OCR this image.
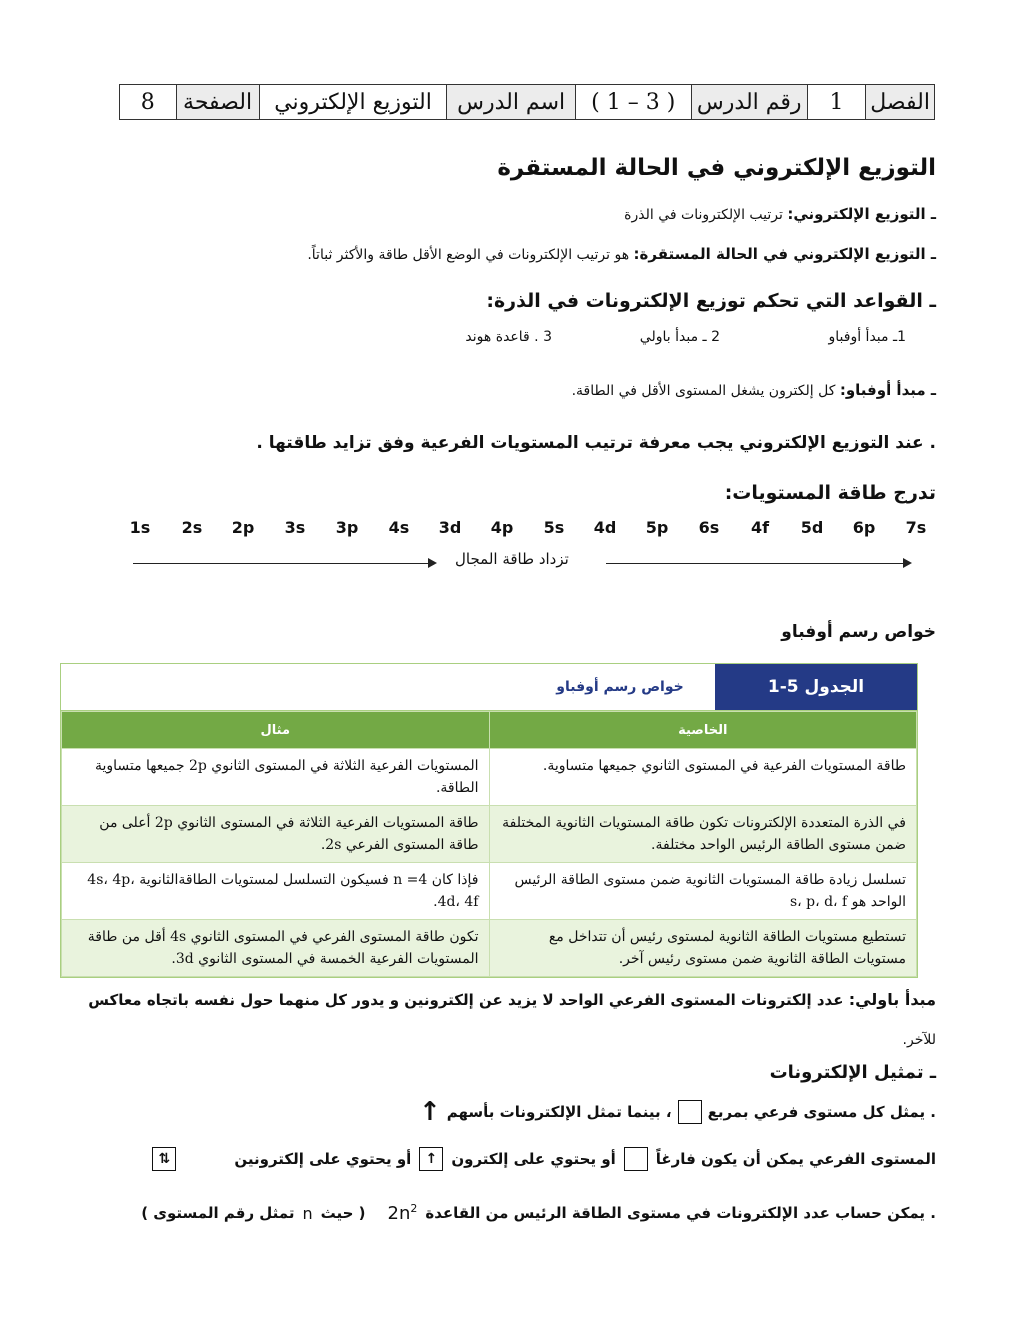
الفصل	1	رقم الدرس	( 3 – 1 )	اسم الدرس	التوزيع الإلكتروني	الصفحة	8
التوزيع الإلكتروني في الحالة المستقرة
ـ التوزيع الإلكتروني: ترتيب الإلكترونات في الذرة
ـ التوزيع الإلكتروني في الحالة المستقرة: هو ترتيب الإلكترونات في الوضع الأقل طاقة والأكثر ثباتاً.
ـ القواعد التي تحكم توزيع الإلكترونات في الذرة:
1ـ مبدأ أوفباو
2 ـ مبدأ باولي
3 . قاعدة هوند
ـ مبدأ أوفباو: كل إلكترون يشغل المستوى الأقل في الطاقة.
. عند التوزيع الإلكتروني يجب معرفة ترتيب المستويات الفرعية وفق تزايد طاقتها .
تدرج طاقة المستويات:
1s	2s	2p	3s	3p	4s	3d	4p	5s	4d	5p	6s	4f	5d	6p	7s
تزداد طاقة المجال
خواص رسم أوفباو
الجدول 5-1
خواص رسم أوفباو
الخاصية	مثال
طاقة المستويات الفرعية في المستوى الثانوي جميعها متساوية.	المستويات الفرعية الثلاثة في المستوى الثانوي 2p جميعها متساوية الطاقة.
في الذرة المتعددة الإلكترونات تكون طاقة المستويات الثانوية المختلفة ضمن مستوى الطاقة الرئيس الواحد مختلفة.	طاقة المستويات الفرعية الثلاثة في المستوى الثانوي 2p أعلى من طاقة المستوى الفرعي 2s.
تسلسل زيادة طاقة المستويات الثانوية ضمن مستوى الطاقة الرئيس الواحد هو s، p، d، f	فإذا كان n =4 فسيكون التسلسل لمستويات الطاقةالثانوية 4s، 4p، 4d، 4f.
تستطيع مستويات الطاقة الثانوية لمستوى رئيس أن تتداخل مع مستويات الطاقة الثانوية ضمن مستوى رئيس آخر.	تكون طاقة المستوى الفرعي في المستوى الثانوي 4s أقل من طاقة المستويات الفرعية الخمسة في المستوى الثانوي 3d.
مبدأ باولي: عدد إلكترونات المستوى الفرعي الواحد لا يزيد عن إلكترونين و يدور كل منهما حول نفسه باتجاه معاكس
للآخر.
ـ تمثيل الإلكترونات
. يمثل كل مستوى فرعي بمربع
، بينما تمثل الإلكترونات بأسهم
↑
المستوى الفرعي يمكن أن يكون فارغاً
أو يحتوي على إلكترون
↑
أو يحتوي على إلكترونين
⇅
. يمكن حساب عدد الإلكترونات في مستوى الطاقة الرئيس من القاعدة
$2n^2$
( حيث
n
تمثل رقم المستوى )
